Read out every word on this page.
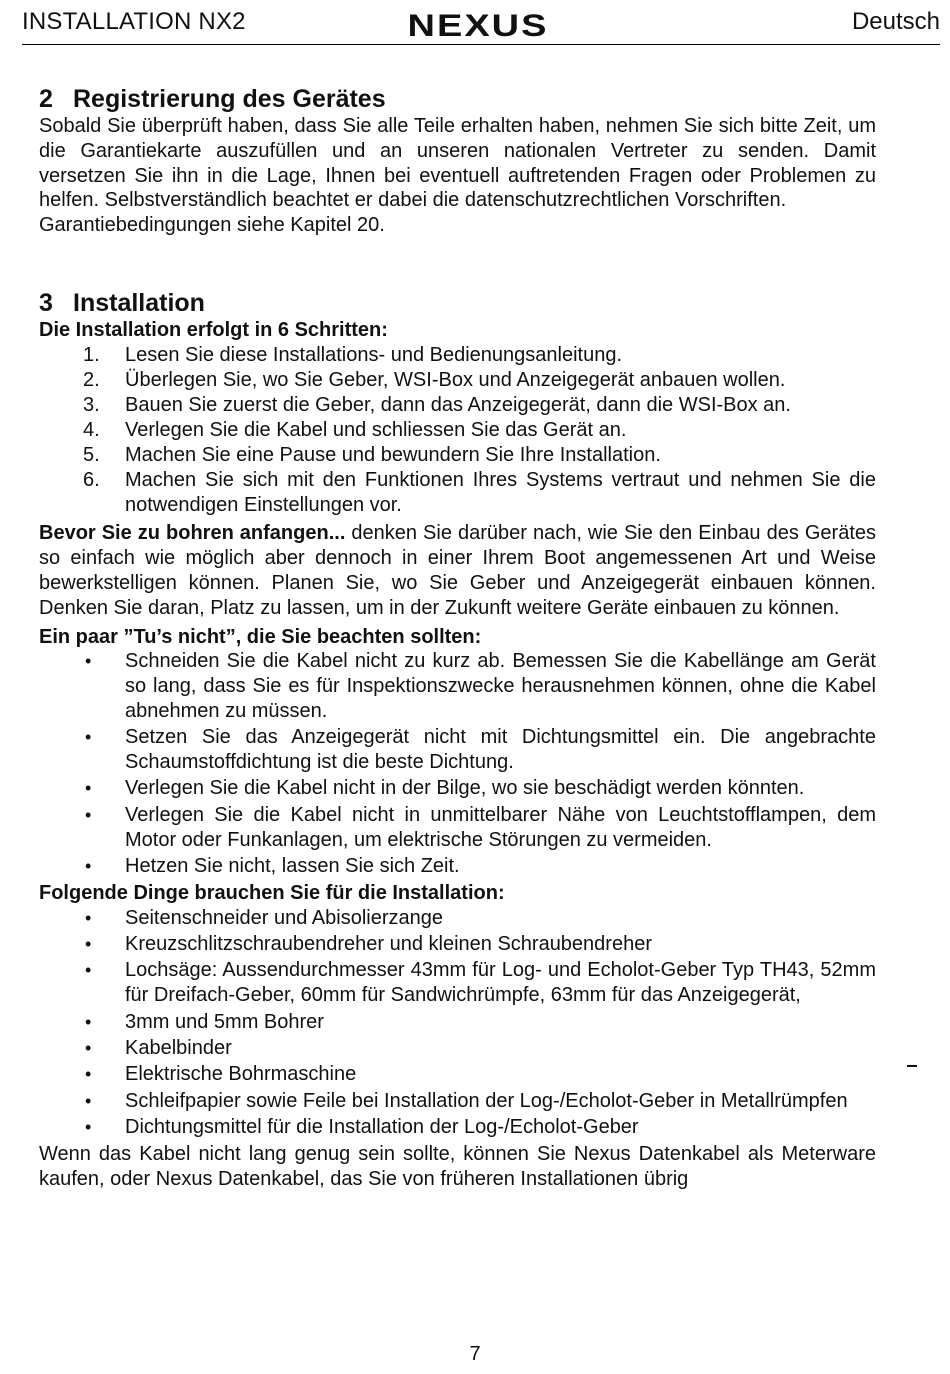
INSTALLATION NX2	NEXUS	Deutsch
2 Registrierung des Gerätes

Sobald Sie überprüft haben, dass Sie alle Teile erhalten haben, nehmen Sie sich bitte Zeit, um die Garantiekarte auszufüllen und an unseren nationalen Vertreter zu senden. Damit versetzen Sie ihn in die Lage, Ihnen bei eventuell auftretenden Fragen oder Problemen zu helfen. Selbstverständlich beachtet er dabei die datenschutzrechtlichen Vorschriften.

Garantiebedingungen siehe Kapitel 20.

3 Installation

Die Installation erfolgt in 6 Schritten:

1. Lesen Sie diese Installations- und Bedienungsanleitung.
2. Überlegen Sie, wo Sie Geber, WSI-Box und Anzeigegerät anbauen wollen.
3. Bauen Sie zuerst die Geber, dann das Anzeigegerät, dann die WSI-Box an.
4. Verlegen Sie die Kabel und schliessen Sie das Gerät an.
5. Machen Sie eine Pause und bewundern Sie Ihre Installation.
6. Machen Sie sich mit den Funktionen Ihres Systems vertraut und nehmen Sie die notwendigen Einstellungen vor.

Bevor Sie zu bohren anfangen... denken Sie darüber nach, wie Sie den Einbau des Gerätes so einfach wie möglich aber dennoch in einer Ihrem Boot angemessenen Art und Weise bewerkstelligen können. Planen Sie, wo Sie Geber und Anzeigegerät einbauen können. Denken Sie daran, Platz zu lassen, um in der Zukunft weitere Geräte einbauen zu können.

Ein paar ”Tu’s nicht”, die Sie beachten sollten:

• Schneiden Sie die Kabel nicht zu kurz ab. Bemessen Sie die Kabellänge am Gerät so lang, dass Sie es für Inspektionszwecke herausnehmen können, ohne die Kabel abnehmen zu müssen.
• Setzen Sie das Anzeigegerät nicht mit Dichtungsmittel ein. Die angebrachte Schaumstoffdichtung ist die beste Dichtung.
• Verlegen Sie die Kabel nicht in der Bilge, wo sie beschädigt werden könnten.
• Verlegen Sie die Kabel nicht in unmittelbarer Nähe von Leuchtstofflampen, dem Motor oder Funkanlagen, um elektrische Störungen zu vermeiden.
• Hetzen Sie nicht, lassen Sie sich Zeit.

Folgende Dinge brauchen Sie für die Installation:

• Seitenschneider und Abisolierzange
• Kreuzschlitzschraubendreher und kleinen Schraubendreher
• Lochsäge: Aussendurchmesser 43mm für Log- und Echolot-Geber Typ TH43, 52mm für Dreifach-Geber, 60mm für Sandwichrümpfe, 63mm für das Anzeigegerät,
• 3mm und 5mm Bohrer
• Kabelbinder
• Elektrische Bohrmaschine
• Schleifpapier sowie Feile bei Installation der Log-/Echolot-Geber in Metallrümpfen
• Dichtungsmittel für die Installation der Log-/Echolot-Geber

Wenn das Kabel nicht lang genug sein sollte, können Sie Nexus Datenkabel als Meterware kaufen, oder Nexus Datenkabel, das Sie von früheren Installationen übrig

7
